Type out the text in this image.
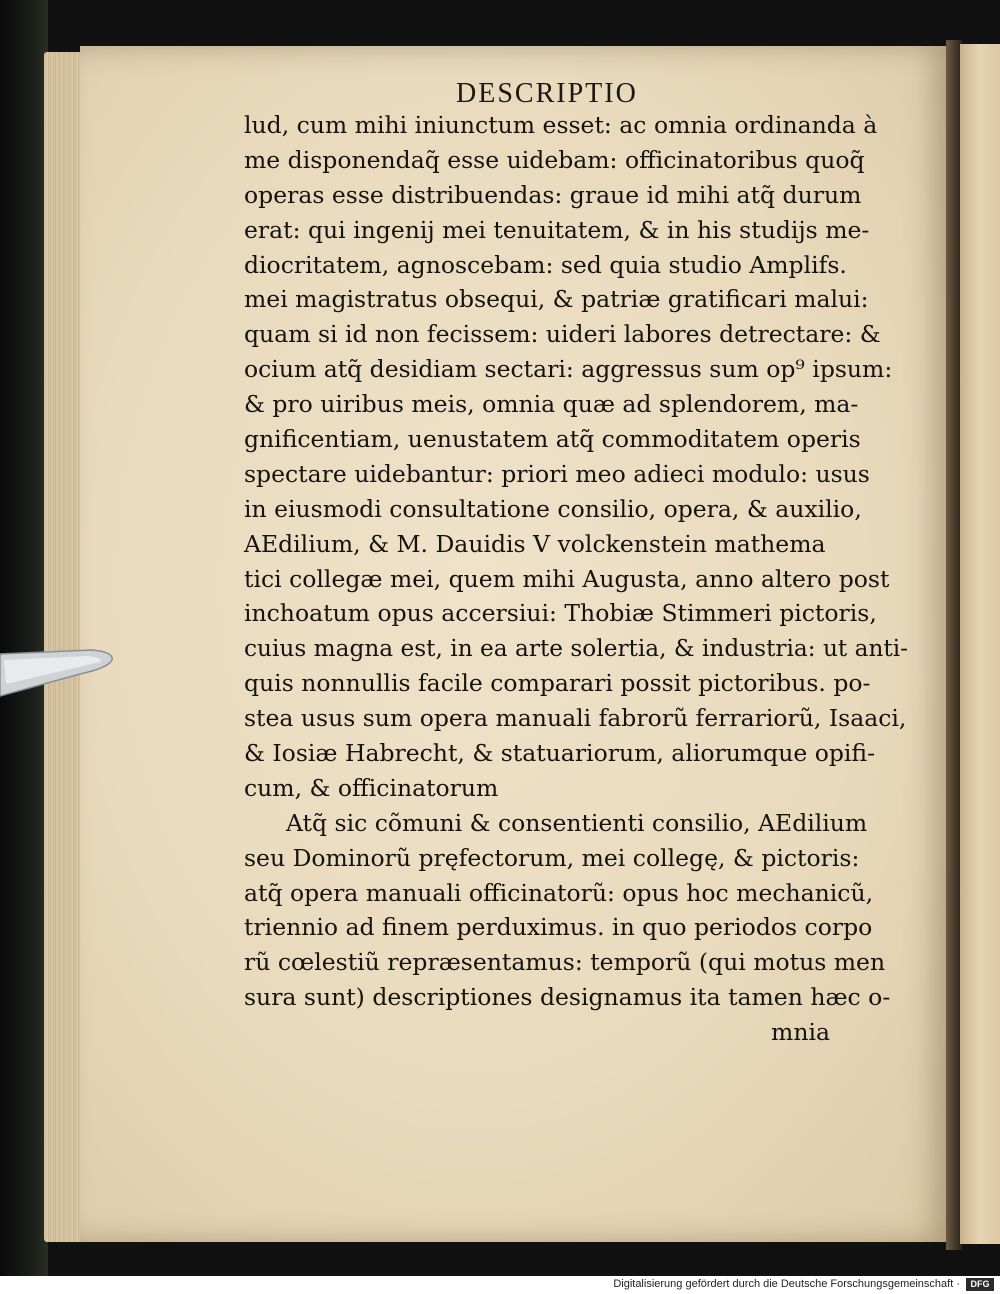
DESCRIPTIO
lud, cum mihi iniunctum esset: ac omnia ordinanda à
me disponendaq̃ esse uidebam: officinatoribus quoq̃
operas esse distribuendas: graue id mihi atq̃ durum
erat: qui ingenij mei tenuitatem, & in his studijs me-
diocritatem, agnoscebam: sed quia studio Amplifs.
mei magistratus obsequi, & patriæ gratificari malui:
quam si id non fecissem: uideri labores detrectare: &
ocium atq̃ desidiam sectari: aggressus sum op⁹ ipsum:
& pro uiribus meis, omnia quæ ad splendorem, ma-
gnificentiam, uenustatem atq̃ commoditatem operis
spectare uidebantur: priori meo adieci modulo: usus
in eiusmodi consultatione consilio, opera, & auxilio,
AEdilium, & M. Dauidis V volckenstein mathema
tici collegæ mei, quem mihi Augusta, anno altero post
inchoatum opus accersiui: Thobiæ Stimmeri pictoris,
cuius magna est, in ea arte solertia, & industria: ut anti-
quis nonnullis facile comparari possit pictoribus. po-
stea usus sum opera manuali fabrorũ ferrariorũ, Isaaci,
& Iosiæ Habrecht, & statuariorum, aliorumque opifi-
cum, & officinatorum
Atq̃ sic cõmuni & consentienti consilio, AEdilium
seu Dominorũ pręfectorum, mei collegę, & pictoris:
atq̃ opera manuali officinatorũ: opus hoc mechanicũ,
triennio ad finem perduximus. in quo periodos corpo
rũ cœlestiũ repræsentamus: temporũ (qui motus men
sura sunt) descriptiones designamus ita tamen hæc o-
mnia
Digitalisierung gefördert durch die Deutsche Forschungsgemeinschaft ·	DFG
